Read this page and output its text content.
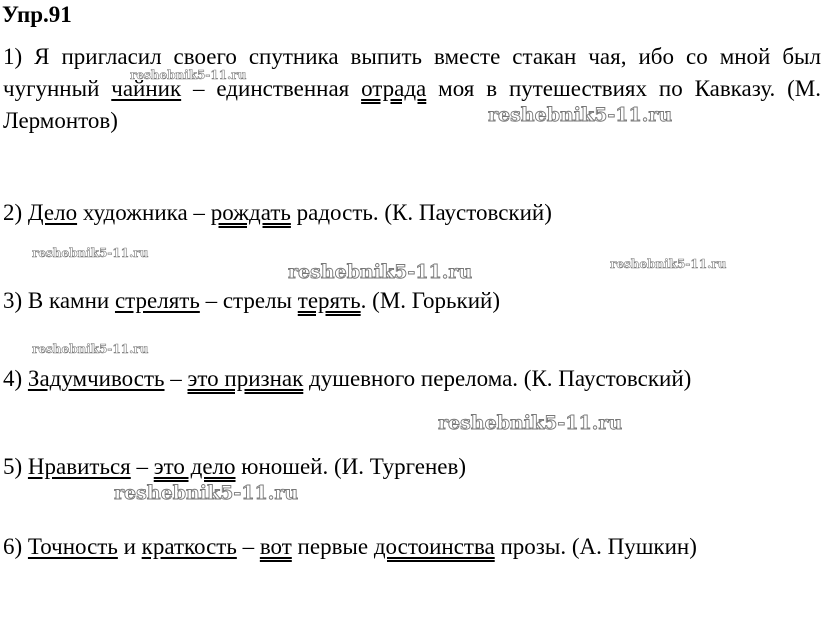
Упр.91
1) Я пригласил своего спутника выпить вместе стакан чая, ибо со мной был чугунный чайник – единственная отрада моя в путешествиях по Кавказу. (М. Лермонтов)
2) Дело художника – рождать радость. (К. Паустовский)
3) В камни стрелять – стрелы терять. (М. Горький)
4) Задумчивость – это признак душевного перелома. (К. Паустовский)
5) Нравиться – это дело юношей. (И. Тургенев)
6) Точность и краткость – вот первые достоинства прозы. (А. Пушкин)
reshebnik5-11.ru
reshebnik5-11.ru
reshebnik5-11.ru
reshebnik5-11.ru	reshebnik5-11.ru
reshebnik5-11.ru
reshebnik5-11.ru
reshebnik5-11.ru
